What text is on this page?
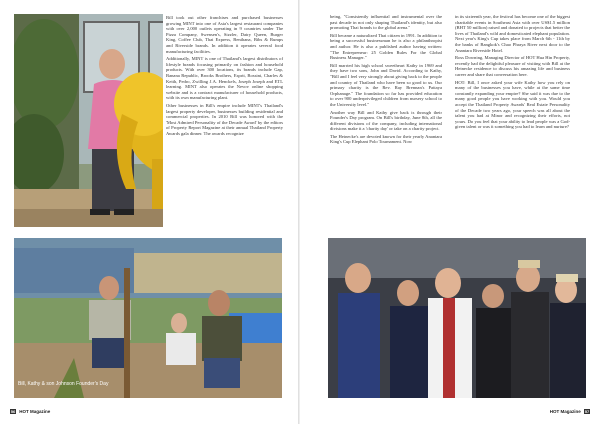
Bill, Kathy & son Johnson Founder's Day
56 HOT Magazine

being, "Consistently influential and instrumental over the past decade in not only shaping Thailand's identity, but also promoting Thai brands to the global arena."

Bill became a naturalized Thai citizen in 1991. In addition to being a successful businessman he is also a philanthropist and author. He is also a published author having written: "The Entrepreneur: 25 Golden Rules For the Global Business Manager."

Bill married his high school sweetheart Kathy in 1969 and they have two sons, John and David. According to Kathy, "Bill and I feel very strongly about giving back to the people and country of Thailand who have been so good to us. Our primary charity is the Rev. Ray Brennan's Pattaya Orphanage." The foundation so far has provided education to over 900 underprivileged children from nursery school to the University level."

Another way Bill and Kathy give back is through their Founder's Day program. On Bill's birthday, June 8th, all the different divisions of the company, including international divisions make it a 'charity day' or take on a charity project.

The Heinecke's are devoted known for their yearly Anantara King's Cup Elephant Polo Tournament. Now

in its sixteenth year, the festival has become one of the biggest charitable events in Southeast Asia with over US$1.5 million (BHT 50 million) raised and donated to projects that better the lives of Thailand's wild and domesticated elephant population. Next year's King's Cup takes place from March 6th - 11th by the banks of Bangkok's Chao Phraya River next door to the Anantara Riverside Hotel.

Ross Downing, Managing Director of HOT Hua Hin Property, recently had the delightful pleasure of visiting with Bill at the Heinecke residence to discuss his amazing life and business career and share that conversation here.

HOT: Bill, I once asked your wife Kathy how you rely on many of the businesses you have, while at the same time constantly expanding your empire? She said it was due to the many good people you have working with you. Would you accept the Thailand Property Awards' Real Estate Personality of the Decade two years ago, your speech was all about the talent you had at Minor and recognizing their efforts, not yours. Do you feel that your ability to lead people was a God-given talent or was it something you had to learn and nurture?

HOT Magazine 57

Bill took out other franchises and purchased businesses growing MINT into one of Asia's largest restaurant companies with over 2,000 outlets operating in 9 countries under The Pizza Company, Swensen's, Sizzler, Dairy Queen, Burger King, Coffee Club, Thai Express, Benihana, Bibs & Rumps and Riverside brands. In addition it operates several food manufacturing facilities.

Additionally, MINT is one of Thailand's largest distributors of lifestyle brands focusing primarily on fashion and household products. With over 300 locations, its brands include Gap, Banana Republic, Brooks Brothers, Esprit, Bossini, Charles & Keith, Pedro, Zwilling J.A. Henckels, Joseph Joseph and ETL learning. MINT also operates the Nevov online shopping website and is a contract manufacturer of household products, with its own manufacturing plant.

Other businesses in Bill's empire include MINT's Thailand's largest property developer, businesses building residential and commercial properties. In 2010 Bill was honored with the 'Most Admired Personality of the Decade Award' by the editors of Property Report Magazine at their annual Thailand Property Awards gala dinner. The awards recognize
